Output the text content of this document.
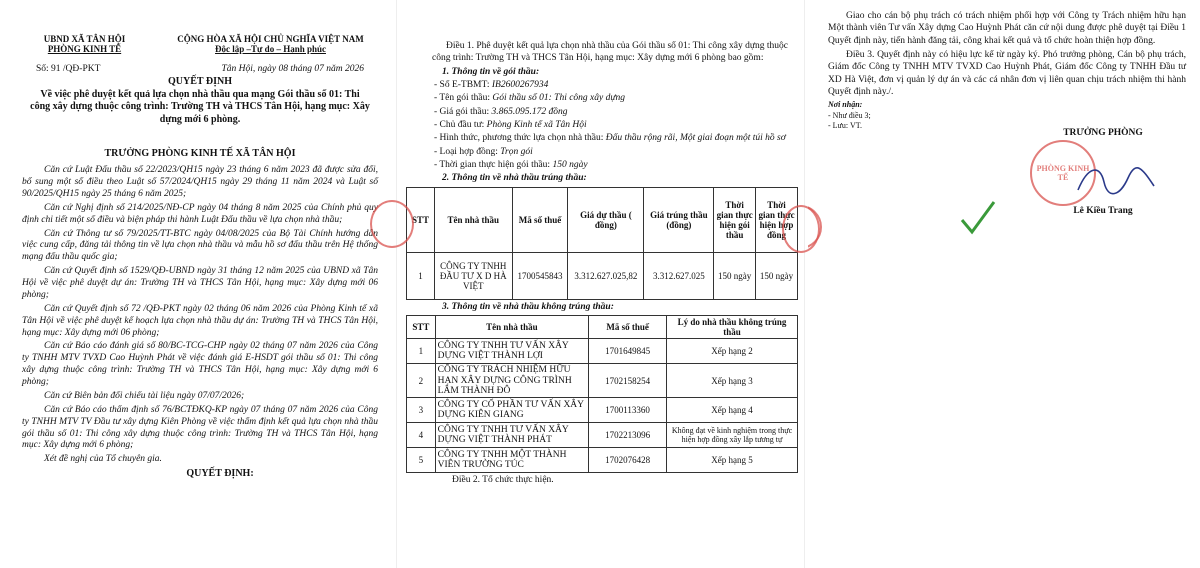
UBND XÃ TÂN HỘI
PHÒNG KINH TẾ
CỘNG HÒA XÃ HỘI CHỦ NGHĨA VIỆT NAM
Độc lập –Tự do – Hạnh phúc
Số: 91 /QĐ-PKT	Tân Hội, ngày 08 tháng 07 năm 2026
QUYẾT ĐỊNH
Về việc phê duyệt kết quả lựa chọn nhà thầu qua mạng Gói thầu số 01: Thi công xây dựng thuộc công trình: Trường TH và THCS Tân Hội, hạng mục: Xây dựng mới 6 phòng.
TRƯỞNG PHÒNG KINH TẾ XÃ TÂN HỘI

Căn cứ Luật Đấu thầu số 22/2023/QH15 ngày 23 tháng 6 năm 2023 đã được sửa đổi, bổ sung một số điều theo Luật số 57/2024/QH15 ngày 29 tháng 11 năm 2024 và Luật số 90/2025/QH15 ngày 25 tháng 6 năm 2025;

Căn cứ Nghị định số 214/2025/NĐ-CP ngày 04 tháng 8 năm 2025 của Chính phủ quy định chi tiết một số điều và biện pháp thi hành Luật Đấu thầu về lựa chọn nhà thầu;

Căn cứ Thông tư số 79/2025/TT-BTC ngày 04/08/2025 của Bộ Tài Chính hướng dẫn việc cung cấp, đăng tải thông tin về lựa chọn nhà thầu và mẫu hồ sơ đấu thầu trên Hệ thống mạng đấu thầu quốc gia;

Căn cứ Quyết định số 1529/QĐ-UBND ngày 31 tháng 12 năm 2025 của UBND xã Tân Hội về việc phê duyệt dự án: Trường TH và THCS Tân Hội, hạng mục: Xây dựng mới 06 phòng;

Căn cứ Quyết định số 72 /QĐ-PKT ngày 02 tháng 06 năm 2026 của Phòng Kinh tế xã Tân Hội về việc phê duyệt kế hoạch lựa chọn nhà thầu dự án: Trường TH và THCS Tân Hội, hạng mục: Xây dựng mới 06 phòng;

Căn cứ Báo cáo đánh giá số 80/BC-TCG-CHP ngày 02 tháng 07 năm 2026 của Công ty TNHH MTV TVXD Cao Huỳnh Phát về việc đánh giá E-HSDT gói thầu số 01: Thi công xây dựng thuộc công trình: Trường TH và THCS Tân Hội, hạng mục: Xây dựng mới 6 phòng;

Căn cứ Biên bản đối chiếu tài liệu ngày 07/07/2026;

Căn cứ Báo cáo thẩm định số 76/BCTĐKQ-KP ngày 07 tháng 07 năm 2026 của Công ty TNHH MTV TV Đầu tư xây dựng Kiên Phòng về việc thẩm định kết quả lựa chọn nhà thầu gói thầu số 01: Thi công xây dựng thuộc công trình: Trường TH và THCS Tân Hội, hạng mục: Xây dựng mới 6 phòng;

Xét đề nghị của Tổ chuyên gia.

QUYẾT ĐỊNH:

Điều 1. Phê duyệt kết quả lựa chọn nhà thầu của Gói thầu số 01: Thi công xây dựng thuộc công trình: Trường TH và THCS Tân Hội, hạng mục: Xây dựng mới 6 phòng bao gồm:

1. Thông tin về gói thầu:

- Số E-TBMT: IB2600267934
- Tên gói thầu: Gói thầu số 01: Thi công xây dựng
- Giá gói thầu: 3.865.095.172 đồng
- Chủ đầu tư: Phòng Kinh tế xã Tân Hội
- Hình thức, phương thức lựa chọn nhà thầu: Đấu thầu rộng rãi, Một giai đoạn một túi hồ sơ
- Loại hợp đồng: Trọn gói
- Thời gian thực hiện gói thầu: 150 ngày

2. Thông tin về nhà thầu trúng thầu:

STT	Tên nhà thầu	Mã số thuế	Giá dự thầu ( đồng)	Giá trúng thầu (đồng)	Thời gian thực hiện gói thầu	Thời gian thực hiện hợp đồng
1	CÔNG TY TNHH ĐẦU TƯ X D HÀ VIỆT	1700545843	3.312.627.025,82	3.312.627.025	150 ngày	150 ngày

3. Thông tin về nhà thầu không trúng thầu:

STT	Tên nhà thầu	Mã số thuế	Lý do nhà thầu không trúng thầu
1	CÔNG TY TNHH TƯ VẤN XÂY DỰNG VIỆT THÀNH LỢI	1701649845	Xếp hạng 2
2	CÔNG TY TRÁCH NHIỆM HỮU HẠN XÂY DỰNG CÔNG TRÌNH LÂM THÀNH ĐÔ	1702158254	Xếp hạng 3
3	CÔNG TY CỔ PHẦN TƯ VẤN XÂY DỰNG KIÊN GIANG	1700113360	Xếp hạng 4
4	CÔNG TY TNHH TƯ VẤN XÂY DỰNG VIỆT THÀNH PHÁT	1702213096	Không đạt về kinh nghiệm trong thực hiện hợp đồng xây lắp tương tự
5	CÔNG TY TNHH MỘT THÀNH VIÊN TRƯỜNG TÚC	1702076428	Xếp hạng 5
Điều 2. Tổ chức thực hiện.

Giao cho cán bộ phụ trách có trách nhiệm phối hợp với Công ty Trách nhiệm hữu hạn Một thành viên Tư vấn Xây dựng Cao Huỳnh Phát căn cứ nội dung được phê duyệt tại Điều 1 Quyết định này, tiến hành đăng tải, công khai kết quả và tổ chức hoàn thiện hợp đồng.

Điều 3. Quyết định này có hiệu lực kể từ ngày ký. Phó trưởng phòng, Cán bộ phụ trách, Giám đốc Công ty TNHH MTV TVXD Cao Huỳnh Phát, Giám đốc Công ty TNHH Đầu tư XD Hà Việt, đơn vị quản lý dự án và các cá nhân đơn vị liên quan chịu trách nhiệm thi hành Quyết định này./.

Nơi nhận:
- Như điều 3;
- Lưu: VT.
TRƯỞNG PHÒNG
Lê Kiều Trang
PHÒNG KINH TẾ
